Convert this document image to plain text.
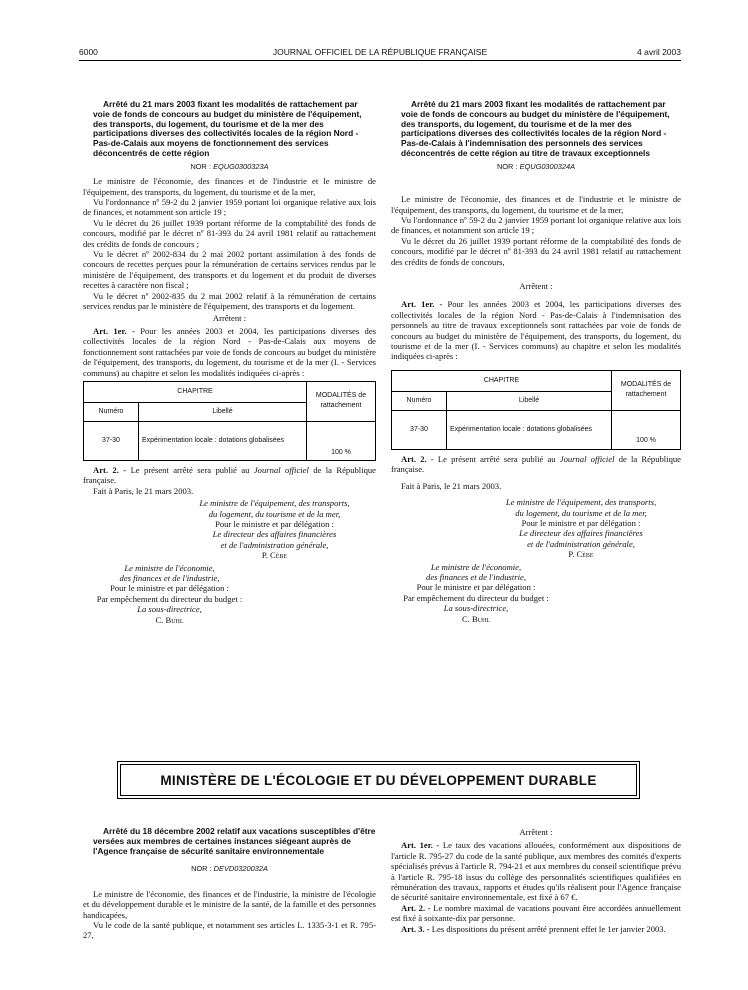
6000	JOURNAL OFFICIEL DE LA RÉPUBLIQUE FRANÇAISE	4 avril 2003

Arrêté du 21 mars 2003 fixant les modalités de rattachement par voie de fonds de concours au budget du ministère de l'équipement, des transports, du logement, du tourisme et de la mer des participations diverses des collectivités locales de la région Nord - Pas-de-Calais aux moyens de fonctionnement des services déconcentrés de cette région

NOR : EQUG0300323A

Le ministre de l'économie, des finances et de l'industrie et le ministre de l'équipement, des transports, du logement, du tourisme et de la mer,

Vu l'ordonnance nº 59-2 du 2 janvier 1959 portant loi organique relative aux lois de finances, et notamment son article 19 ;

Vu le décret du 26 juillet 1939 portant réforme de la comptabilité des fonds de concours, modifié par le décret nº 81-393 du 24 avril 1981 relatif au rattachement des crédits de fonds de concours ;

Vu le décret nº 2002-834 du 2 mai 2002 portant assimilation à des fonds de concours de recettes perçues pour la rémunération de certains services rendus par le ministère de l'équipement, des transports et du logement et du produit de diverses recettes à caractère non fiscal ;

Vu le décret nº 2002-835 du 2 mai 2002 relatif à la rémunération de certains services rendus par le ministère de l'équipement, des transports et du logement.

Arrêtent :

Art. 1er. - Pour les années 2003 et 2004, les participations diverses des collectivités locales de la région Nord - Pas-de-Calais aux moyens de fonctionnement sont rattachées par voie de fonds de concours au budget du ministère de l'équipement, des transports, du logement, du tourisme et de la mer (I. - Services communs) au chapitre et selon les modalités indiquées ci-après :

CHAPITRE		MODALITÉS de rattachement
Numéro	Libellé	
37-30	Expérimentation locale : dotations globalisées	100 %

Art. 2. - Le présent arrêté sera publié au Journal officiel de la République française.

Fait à Paris, le 21 mars 2003.

Le ministre de l'équipement, des transports,
du logement, du tourisme et de la mer,
Pour le ministre et par délégation :
Le directeur des affaires financières
et de l'administration générale,
P. Cèbe
Le ministre de l'économie,
des finances et de l'industrie,
Pour le ministre et par délégation :
Par empêchement du directeur du budget :
La sous-directrice,
C. Buhl

Arrêté du 21 mars 2003 fixant les modalités de rattachement par voie de fonds de concours au budget du ministère de l'équipement, des transports, du logement, du tourisme et de la mer des participations diverses des collectivités locales de la région Nord - Pas-de-Calais à l'indemnisation des personnels des services déconcentrés de cette région au titre de travaux exceptionnels

NOR : EQUG0300324A

Le ministre de l'économie, des finances et de l'industrie et le ministre de l'équipement, des transports, du logement, du tourisme et de la mer,

Vu l'ordonnance nº 59-2 du 2 janvier 1959 portant loi organique relative aux lois de finances, et notamment son article 19 ;

Vu le décret du 26 juillet 1939 portant réforme de la comptabilité des fonds de concours, modifié par le décret nº 81-393 du 24 avril 1981 relatif au rattachement des crédits de fonds de concours,

Arrêtent :

Art. 1er. - Pour les années 2003 et 2004, les participations diverses des collectivités locales de la région Nord - Pas-de-Calais à l'indemnisation des personnels au titre de travaux exceptionnels sont rattachées par voie de fonds de concours au budget du ministère de l'équipement, des transports, du logement, du tourisme et de la mer (I. - Services communs) au chapitre et selon les modalités indiquées ci-après :

CHAPITRE		MODALITÉS de rattachement
Numéro	Libellé	
37-30	Expérimentation locale : dotations globalisées	100 %

Art. 2. - Le présent arrêté sera publié au Journal officiel de la République française.

Fait à Paris, le 21 mars 2003.

Le ministre de l'équipement, des transports,
du logement, du tourisme et de la mer,
Pour le ministre et par délégation :
Le directeur des affaires financières
et de l'administration générale,
P. Cèbe
Le ministre de l'économie,
des finances et de l'industrie,
Pour le ministre et par délégation :
Par empêchement du directeur du budget :
La sous-directrice,
C. Buhl
MINISTÈRE DE L'ÉCOLOGIE ET DU DÉVELOPPEMENT DURABLE

Arrêté du 18 décembre 2002 relatif aux vacations susceptibles d'être versées aux membres de certaines instances siégeant auprès de l'Agence française de sécurité sanitaire environnementale

NOR : DEVD0320032A

Le ministre de l'économie, des finances et de l'industrie, la ministre de l'écologie et du développement durable et le ministre de la santé, de la famille et des personnes handicapées,

Vu le code de la santé publique, et notamment ses articles L. 1335-3-1 et R. 795-27,

Arrêtent :

Art. 1er. - Le taux des vacations allouées, conformément aux dispositions de l'article R. 795-27 du code de la santé publique, aux membres des comités d'experts spécialisés prévus à l'article R. 794-21 et aux membres du conseil scientifique prévu à l'article R. 795-18 issus du collège des personnalités scientifiques qualifiées en rémunération des travaux, rapports et études qu'ils réalisent pour l'Agence française de sécurité sanitaire environnementale, est fixé à 67 €.

Art. 2. - Le nombre maximal de vacations pouvant être accordées annuellement est fixé à soixante-dix par personne.

Art. 3. - Les dispositions du présent arrêté prennent effet le 1er janvier 2003.
